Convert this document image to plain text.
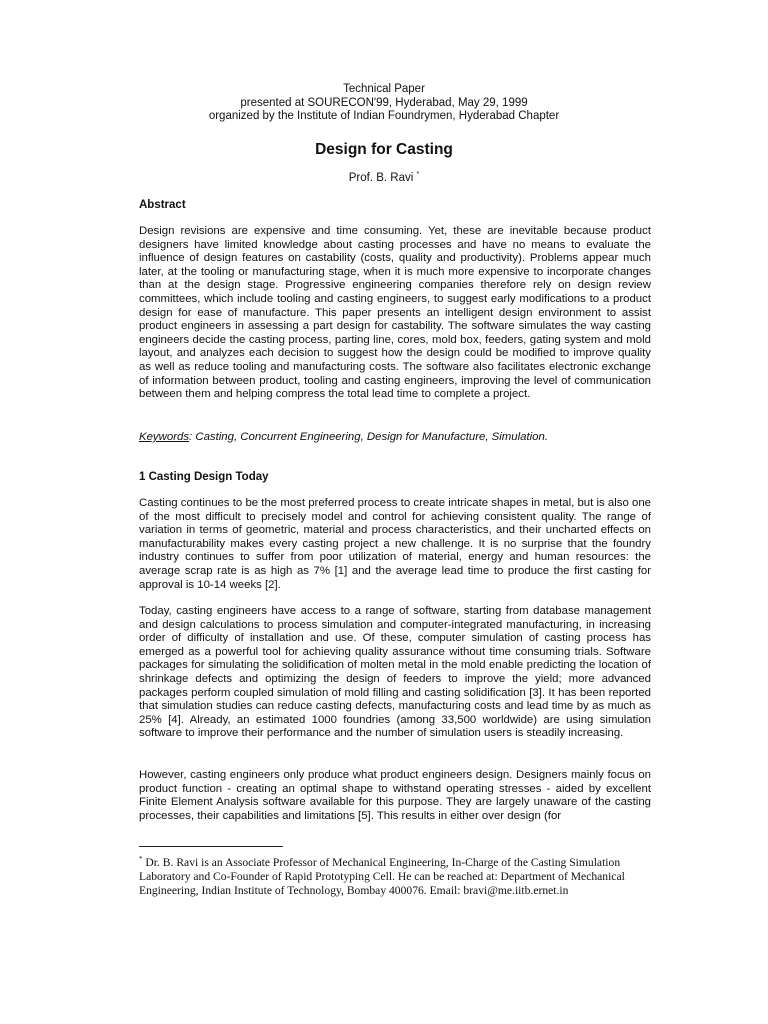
Technical Paper
presented at SOURECON'99, Hyderabad, May 29, 1999
organized by the Institute of Indian Foundrymen, Hyderabad Chapter
Design for Casting
Prof. B. Ravi *
Abstract
Design revisions are expensive and time consuming. Yet, these are inevitable because product designers have limited knowledge about casting processes and have no means to evaluate the influence of design features on castability (costs, quality and productivity). Problems appear much later, at the tooling or manufacturing stage, when it is much more expensive to incorporate changes than at the design stage. Progressive engineering companies therefore rely on design review committees, which include tooling and casting engineers, to suggest early modifications to a product design for ease of manufacture. This paper presents an intelligent design environment to assist product engineers in assessing a part design for castability. The software simulates the way casting engineers decide the casting process, parting line, cores, mold box, feeders, gating system and mold layout, and analyzes each decision to suggest how the design could be modified to improve quality as well as reduce tooling and manufacturing costs. The software also facilitates electronic exchange of information between product, tooling and casting engineers, improving the level of communication between them and helping compress the total lead time to complete a project.
Keywords: Casting, Concurrent Engineering, Design for Manufacture, Simulation.
1 Casting Design Today
Casting continues to be the most preferred process to create intricate shapes in metal, but is also one of the most difficult to precisely model and control for achieving consistent quality. The range of variation in terms of geometric, material and process characteristics, and their uncharted effects on manufacturability makes every casting project a new challenge. It is no surprise that the foundry industry continues to suffer from poor utilization of material, energy and human resources: the average scrap rate is as high as 7% [1] and the average lead time to produce the first casting for approval is 10-14 weeks [2].
Today, casting engineers have access to a range of software, starting from database management and design calculations to process simulation and computer-integrated manufacturing, in increasing order of difficulty of installation and use. Of these, computer simulation of casting process has emerged as a powerful tool for achieving quality assurance without time consuming trials. Software packages for simulating the solidification of molten metal in the mold enable predicting the location of shrinkage defects and optimizing the design of feeders to improve the yield; more advanced packages perform coupled simulation of mold filling and casting solidification [3]. It has been reported that simulation studies can reduce casting defects, manufacturing costs and lead time by as much as 25% [4]. Already, an estimated 1000 foundries (among 33,500 worldwide) are using simulation software to improve their performance and the number of simulation users is steadily increasing.
However, casting engineers only produce what product engineers design. Designers mainly focus on product function - creating an optimal shape to withstand operating stresses - aided by excellent Finite Element Analysis software available for this purpose. They are largely unaware of the casting processes, their capabilities and limitations [5]. This results in either over design (for
* Dr. B. Ravi is an Associate Professor of Mechanical Engineering, In-Charge of the Casting Simulation Laboratory and Co-Founder of Rapid Prototyping Cell. He can be reached at: Department of Mechanical Engineering, Indian Institute of Technology, Bombay 400076. Email: bravi@me.iitb.ernet.in
